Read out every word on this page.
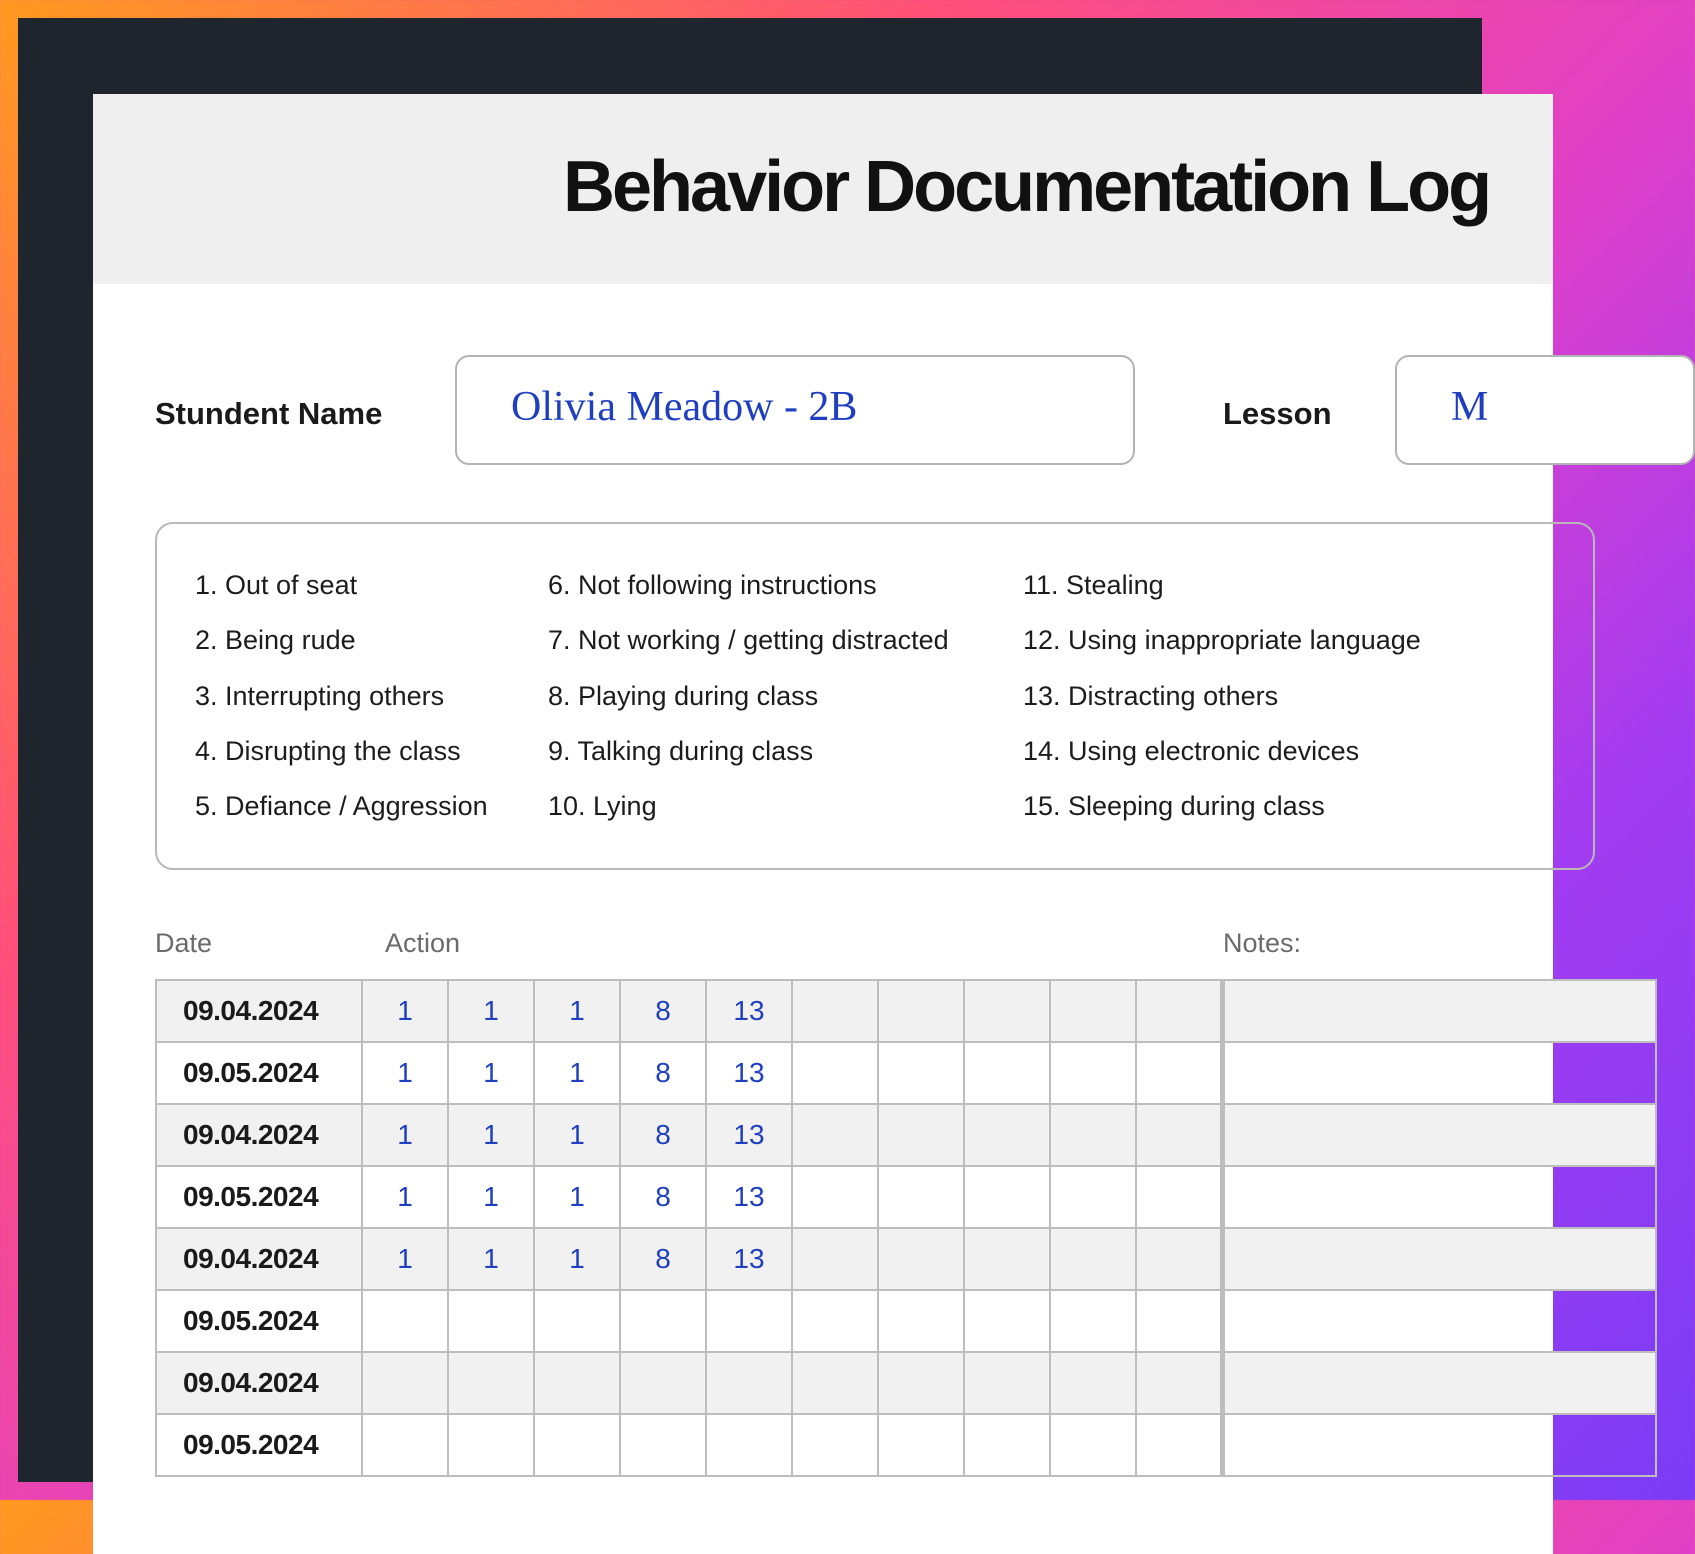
Behavior Documentation Log
Stundent Name	Olivia Meadow - 2B	Lesson	M
1. Out of seat
2. Being rude
3. Interrupting others
4. Disrupting the class
5. Defiance / Aggression
6. Not following instructions
7. Not working / getting distracted
8. Playing during class
9. Talking during class
10. Lying
11. Stealing
12. Using inappropriate language
13. Distracting others
14. Using electronic devices
15. Sleeping during class
Date	Action	Notes:
09.04.2024	1	1	1	8	13						
09.05.2024	1	1	1	8	13						
09.04.2024	1	1	1	8	13						
09.05.2024	1	1	1	8	13						
09.04.2024	1	1	1	8	13						
09.05.2024											
09.04.2024											
09.05.2024											
